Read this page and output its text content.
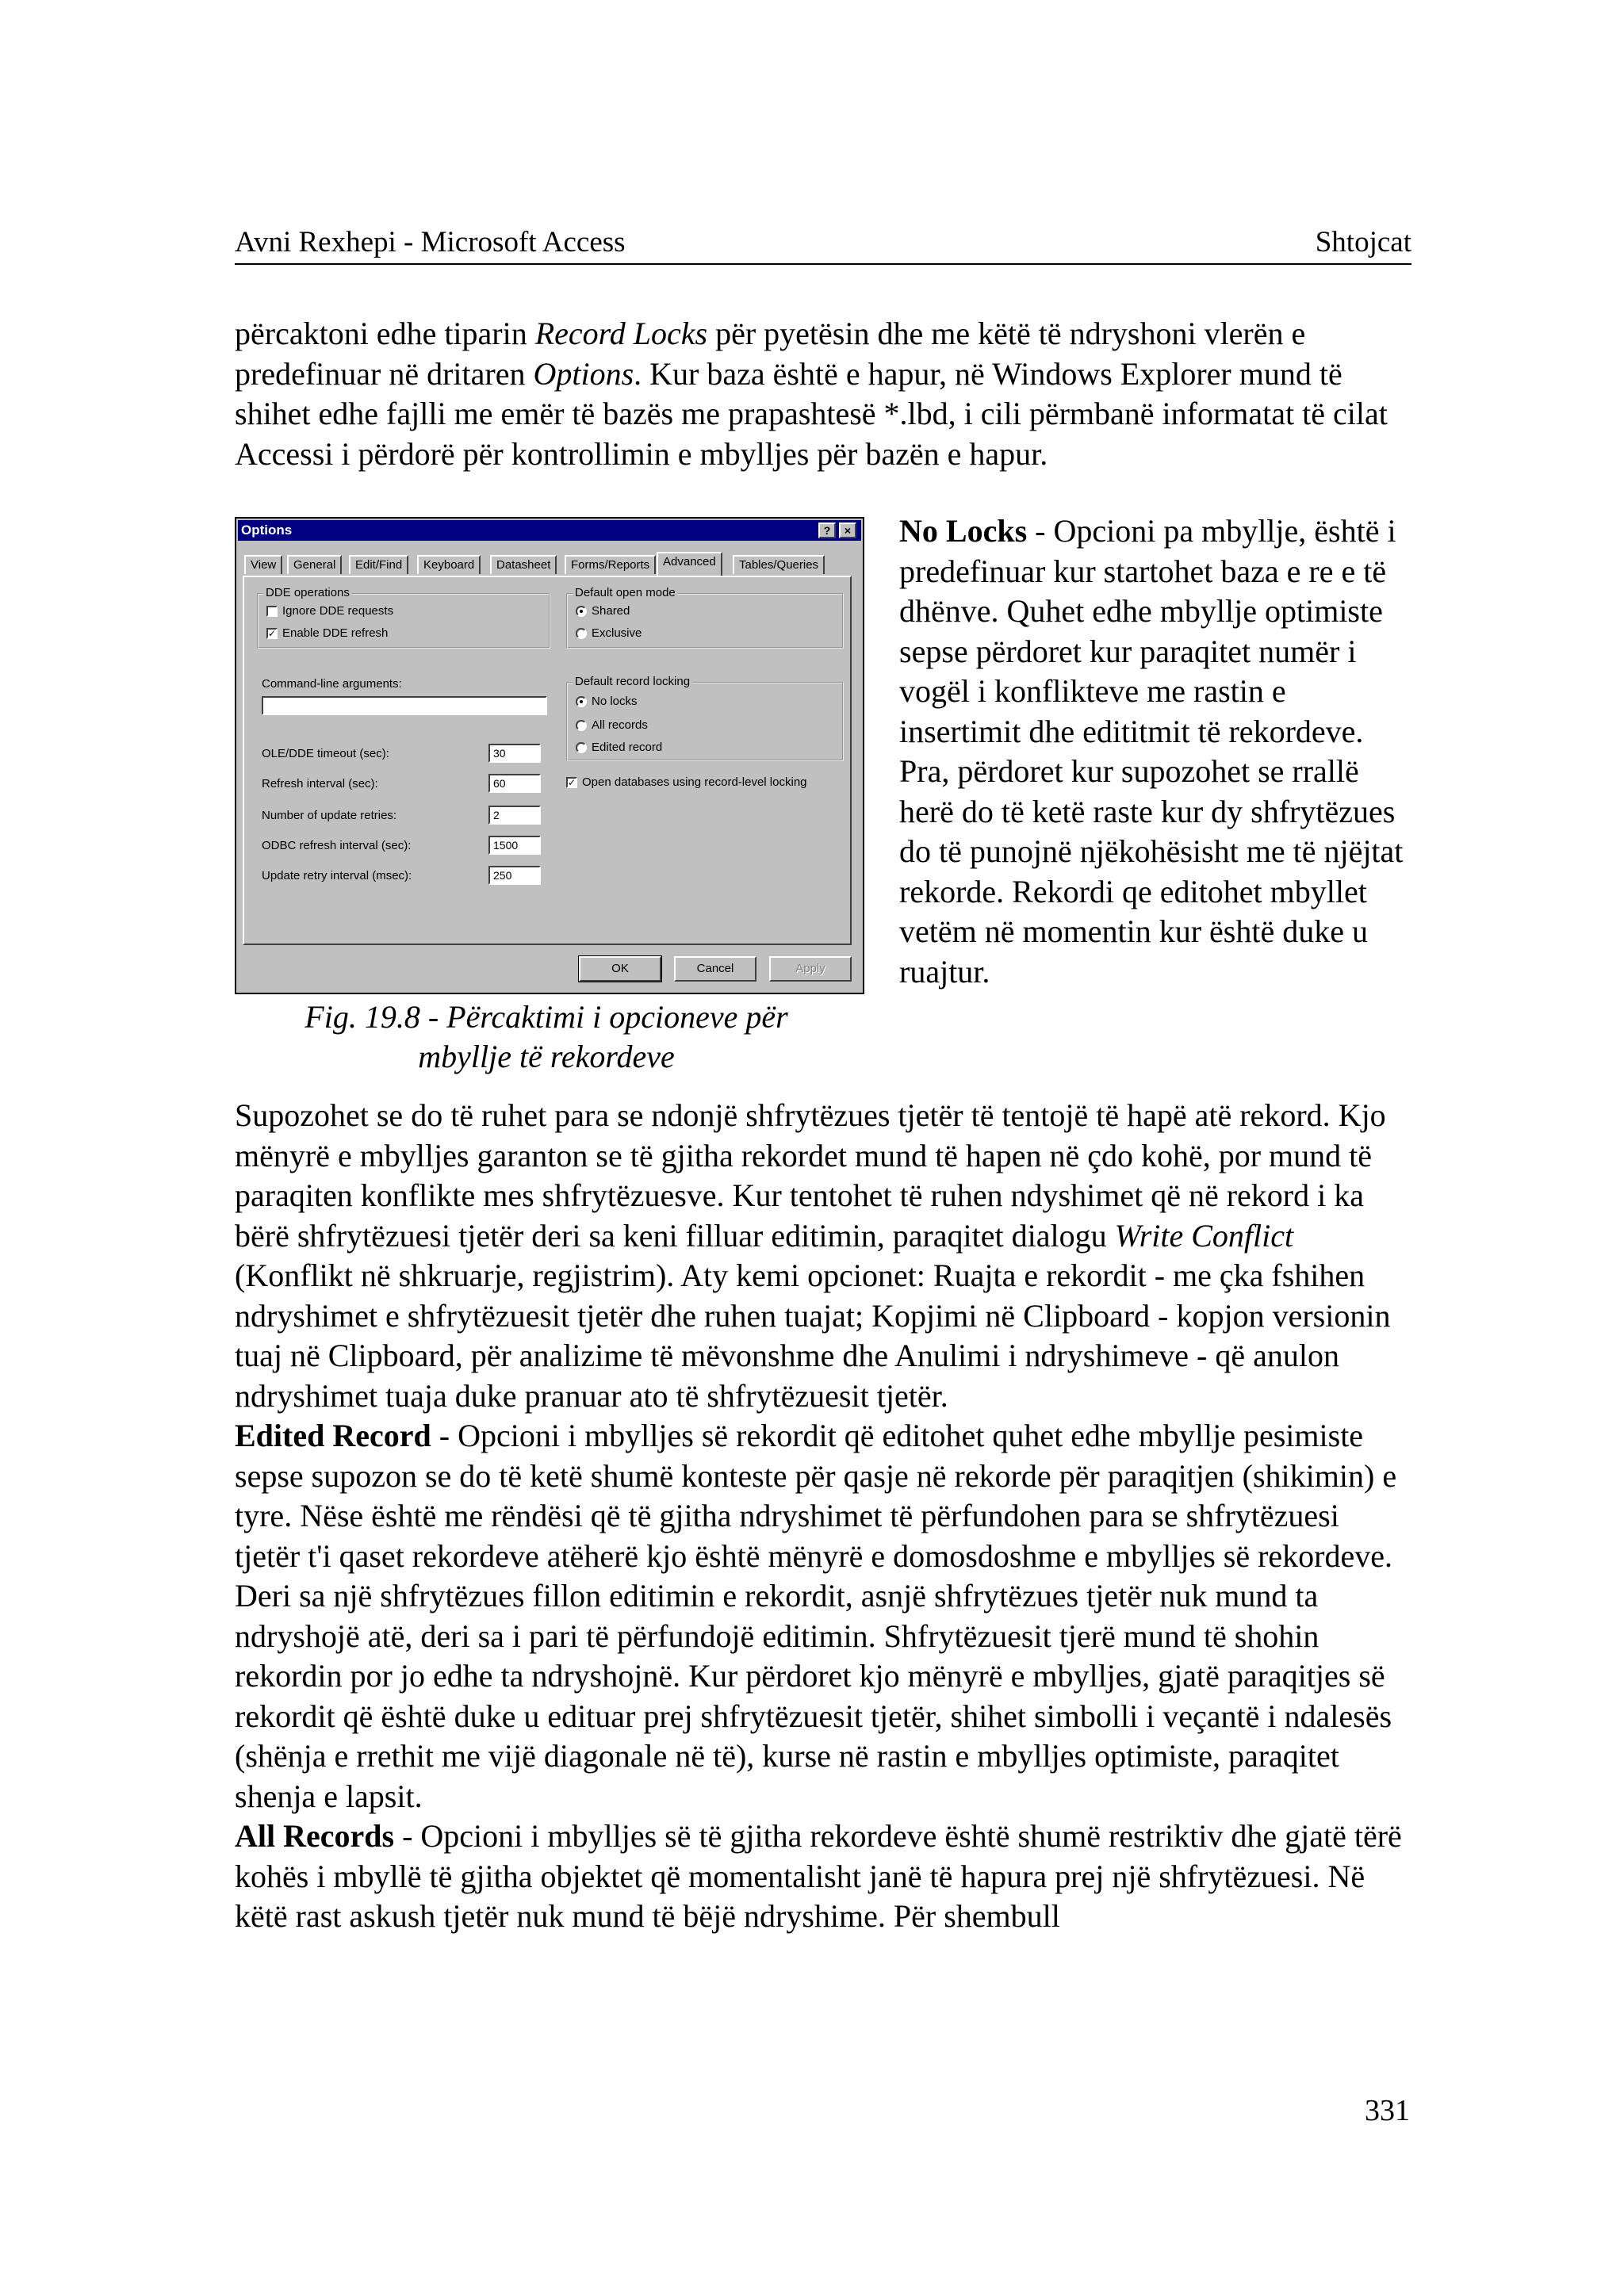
Avni Rexhepi - Microsoft Access	Shtojcat

përcaktoni edhe tiparin Record Locks për pyetësin dhe me këtë të ndryshoni vlerën e predefinuar në dritaren Options. Kur baza është e hapur, në Windows Explorer mund të shihet edhe fajlli me emër të bazës me prapashtesë *.lbd, i cili përmbanë informatat të cilat Accessi i përdorë për kontrollimin e mbylljes për bazën e hapur.

Options	?	×
View	General	Edit/Find	Keyboard	Datasheet	Forms/Reports	Advanced	Tables/Queries
DDE operations
Ignore DDE requests
✓ Enable DDE refresh
Default open mode
Shared
Exclusive
Command-line arguments:	Default record locking
No locks
All records
Edited record
✓ Open databases using record-level locking
OLE/DDE timeout (sec):	30
Refresh interval (sec):	60
Number of update retries:	2
ODBC refresh interval (sec):	1500
Update retry interval (msec):	250
OK	Cancel	Apply

Fig. 19.8 - Përcaktimi i opcioneve për
mbyllje të rekordeve

No Locks - Opcioni pa mbyllje, është i predefinuar kur startohet baza e re e të dhënve. Quhet edhe mbyllje optimiste sepse përdoret kur paraqitet numër i vogël i konflikteve me rastin e insertimit dhe edititmit të rekordeve. Pra, përdoret kur supozohet se rrallë herë do të ketë raste kur dy shfrytëzues do të punojnë njëkohësisht me të njëjtat rekorde. Rekordi qe editohet mbyllet vetëm në momentin kur është duke u ruajtur.

Supozohet se do të ruhet para se ndonjë shfrytëzues tjetër të tentojë të hapë atë rekord. Kjo mënyrë e mbylljes garanton se të gjitha rekordet mund të hapen në çdo kohë, por mund të paraqiten konflikte mes shfrytëzuesve. Kur tentohet të ruhen ndyshimet që në rekord i ka bërë shfrytëzuesi tjetër deri sa keni filluar editimin, paraqitet dialogu Write Conflict (Konflikt në shkruarje, regjistrim). Aty kemi opcionet: Ruajta e rekordit - me çka fshihen ndryshimet e shfrytëzuesit tjetër dhe ruhen tuajat; Kopjimi në Clipboard - kopjon versionin tuaj në Clipboard, për analizime të mëvonshme dhe Anulimi i ndryshimeve - që anulon ndryshimet tuaja duke pranuar ato të shfrytëzuesit tjetër.
Edited Record - Opcioni i mbylljes së rekordit që editohet quhet edhe mbyllje pesimiste sepse supozon se do të ketë shumë konteste për qasje në rekorde për paraqitjen (shikimin) e tyre. Nëse është me rëndësi që të gjitha ndryshimet të përfundohen para se shfrytëzuesi tjetër t'i qaset rekordeve atëherë kjo është mënyrë e domosdoshme e mbylljes së rekordeve. Deri sa një shfrytëzues fillon editimin e rekordit, asnjë shfrytëzues tjetër nuk mund ta ndryshojë atë, deri sa i pari të përfundojë editimin. Shfrytëzuesit tjerë mund të shohin rekordin por jo edhe ta ndryshojnë. Kur përdoret kjo mënyrë e mbylljes, gjatë paraqitjes së rekordit që është duke u edituar prej shfrytëzuesit tjetër, shihet simbolli i veçantë i ndalesës (shënja e rrethit me vijë diagonale në të), kurse në rastin e mbylljes optimiste, paraqitet shenja e lapsit.
All Records - Opcioni i mbylljes së të gjitha rekordeve është shumë restriktiv dhe gjatë tërë kohës i mbyllë të gjitha objektet që momentalisht janë të hapura prej një shfrytëzuesi. Në këtë rast askush tjetër nuk mund të bëjë ndryshime. Për shembull
331
